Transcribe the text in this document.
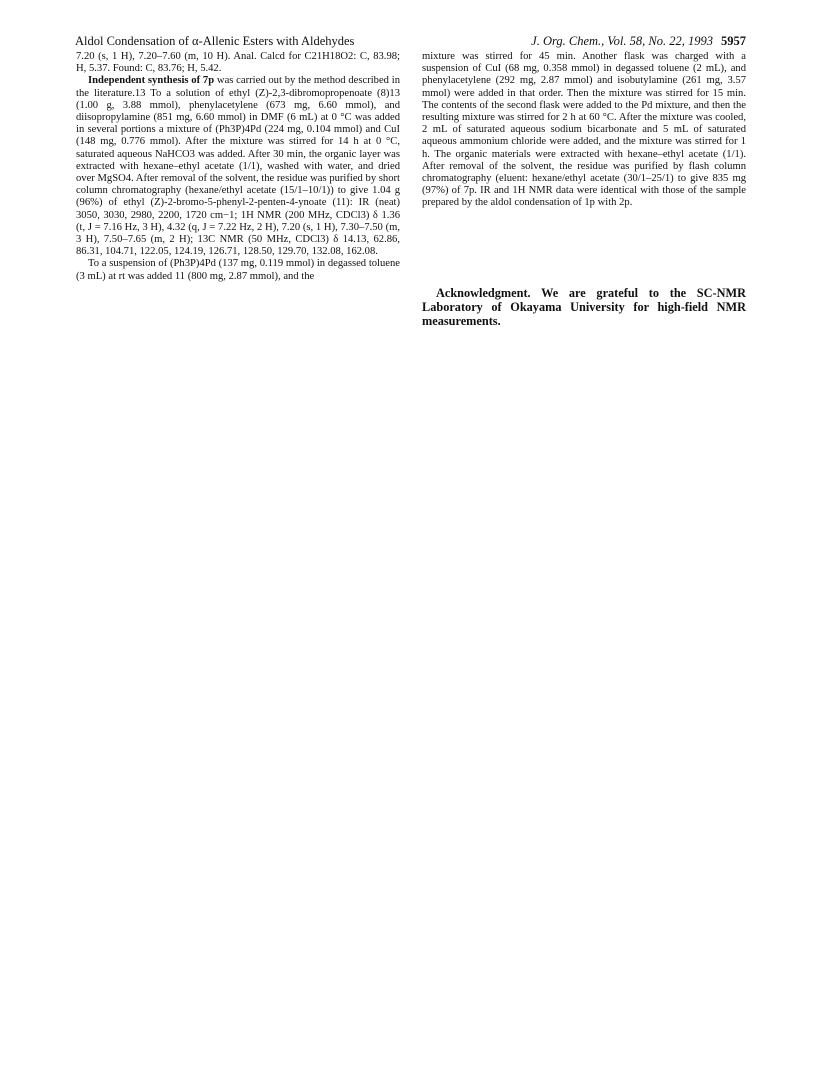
Aldol Condensation of α-Allenic Esters with Aldehydes	J. Org. Chem., Vol. 58, No. 22, 1993 5957

7.20 (s, 1 H), 7.20–7.60 (m, 10 H). Anal. Calcd for C21H18O2: C, 83.98; H, 5.37. Found: C, 83.76; H, 5.42.

Independent synthesis of 7p was carried out by the method described in the literature.13 To a solution of ethyl (Z)-2,3-dibromopropenoate (8)13 (1.00 g, 3.88 mmol), phenylacetylene (673 mg, 6.60 mmol), and diisopropylamine (851 mg, 6.60 mmol) in DMF (6 mL) at 0 °C was added in several portions a mixture of (Ph3P)4Pd (224 mg, 0.104 mmol) and CuI (148 mg, 0.776 mmol). After the mixture was stirred for 14 h at 0 °C, saturated aqueous NaHCO3 was added. After 30 min, the organic layer was extracted with hexane–ethyl acetate (1/1), washed with water, and dried over MgSO4. After removal of the solvent, the residue was purified by short column chromatography (hexane/ethyl acetate (15/1–10/1)) to give 1.04 g (96%) of ethyl (Z)-2-bromo-5-phenyl-2-penten-4-ynoate (11): IR (neat) 3050, 3030, 2980, 2200, 1720 cm−1; 1H NMR (200 MHz, CDCl3) δ 1.36 (t, J = 7.16 Hz, 3 H), 4.32 (q, J = 7.22 Hz, 2 H), 7.20 (s, 1 H), 7.30–7.50 (m, 3 H), 7.50–7.65 (m, 2 H); 13C NMR (50 MHz, CDCl3) δ 14.13, 62.86, 86.31, 104.71, 122.05, 124.19, 126.71, 128.50, 129.70, 132.08, 162.08.

To a suspension of (Ph3P)4Pd (137 mg, 0.119 mmol) in degassed toluene (3 mL) at rt was added 11 (800 mg, 2.87 mmol), and the

mixture was stirred for 45 min. Another flask was charged with a suspension of CuI (68 mg, 0.358 mmol) in degassed toluene (2 mL), and phenylacetylene (292 mg, 2.87 mmol) and isobutylamine (261 mg, 3.57 mmol) were added in that order. Then the mixture was stirred for 15 min. The contents of the second flask were added to the Pd mixture, and then the resulting mixture was stirred for 2 h at 60 °C. After the mixture was cooled, 2 mL of saturated aqueous sodium bicarbonate and 5 mL of saturated aqueous ammonium chloride were added, and the mixture was stirred for 1 h. The organic materials were extracted with hexane–ethyl acetate (1/1). After removal of the solvent, the residue was purified by flash column chromatography (eluent: hexane/ethyl acetate (30/1–25/1) to give 835 mg (97%) of 7p. IR and 1H NMR data were identical with those of the sample prepared by the aldol condensation of 1p with 2p.

Acknowledgment. We are grateful to the SC-NMR Laboratory of Okayama University for high-field NMR measurements.
